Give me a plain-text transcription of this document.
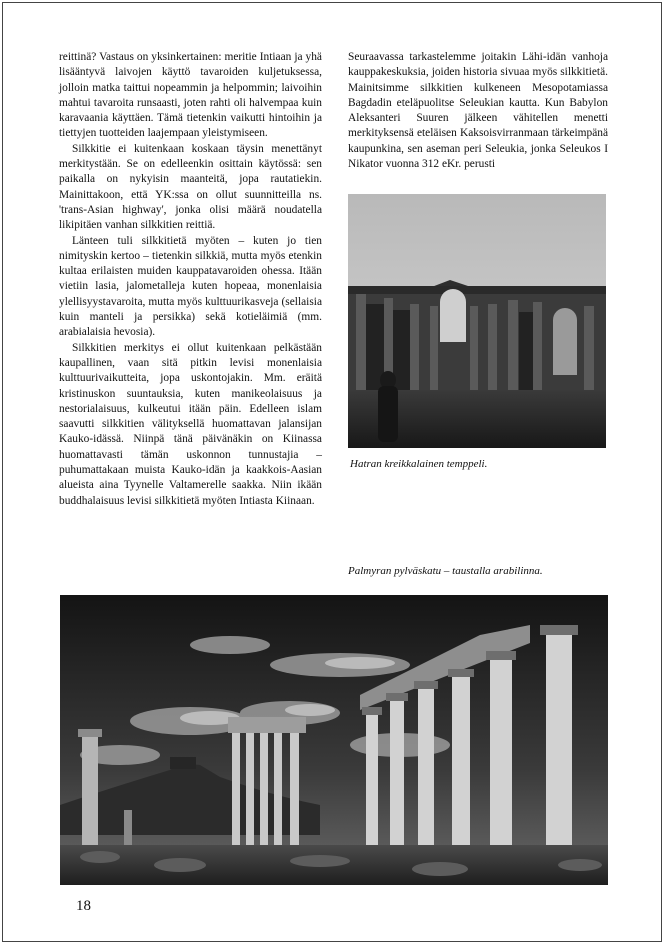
reittinä? Vastaus on yksinkertainen: meritie Intiaan ja yhä lisääntyvä laivojen käyttö tavaroiden kuljetuksessa, jolloin matka taittui nopeammin ja helpommin; laivoihin mahtui tavaroita runsaasti, joten rahti oli halvempaa kuin karavaania käyttäen. Tämä tietenkin vaikutti hintoihin ja tiettyjen tuotteiden laajempaan yleistymiseen.

Silkkitie ei kuitenkaan koskaan täysin menettänyt merkitystään. Se on edelleenkin osittain käytössä: sen paikalla on nykyisin maanteitä, jopa rautatiekin. Mainittakoon, että YK:ssa on ollut suunnitteilla ns. 'trans-Asian highway', jonka olisi määrä noudatella likipitäen vanhan silkkitien reittiä.

Länteen tuli silkkitietä myöten – kuten jo tien nimityskin kertoo – tietenkin silkkiä, mutta myös etenkin kultaa erilaisten muiden kauppatavaroiden ohessa. Itään vietiin lasia, jalometalleja kuten hopeaa, monenlaisia ylellisyystavaroita, mutta myös kulttuurikasveja (sellaisia kuin manteli ja persikka) sekä kotieläimiä (mm. arabialaisia hevosia).

Silkkitien merkitys ei ollut kuitenkaan pelkästään kaupallinen, vaan sitä pitkin levisi monenlaisia kulttuurivaikutteita, jopa uskontojakin. Mm. eräitä kristinuskon suuntauksia, kuten manikeolaisuus ja nestorialaisuus, kulkeutui itään päin. Edelleen islam saavutti silkkitien välityksellä huomattavan jalansijan Kauko-idässä. Niinpä tänä päivänäkin on Kiinassa huomattavasti tämän uskonnon tunnustajia – puhumattakaan muista Kauko-idän ja kaakkois-Aasian alueista aina Tyynelle Valtamerelle saakka. Niin ikään buddhalaisuus levisi silkkitietä myöten Intiasta Kiinaan.

Seuraavassa tarkastelemme joitakin Lähi-idän vanhoja kauppakeskuksia, joiden historia sivuaa myös silkkitietä. Mainitsimme silkkitien kulkeneen Mesopotamiassa Bagdadin eteläpuolitse Seleukian kautta. Kun Babylon Aleksanteri Suuren jälkeen vähitellen menetti merkityksensä eteläisen Kaksoisvirranmaan tärkeimpänä kaupunkina, sen aseman peri Seleukia, jonka Seleukos I Nikator vuonna 312 eKr. perusti

Hatran kreikkalainen temppeli.
Palmyran pylväskatu – taustalla arabilinna.
18
